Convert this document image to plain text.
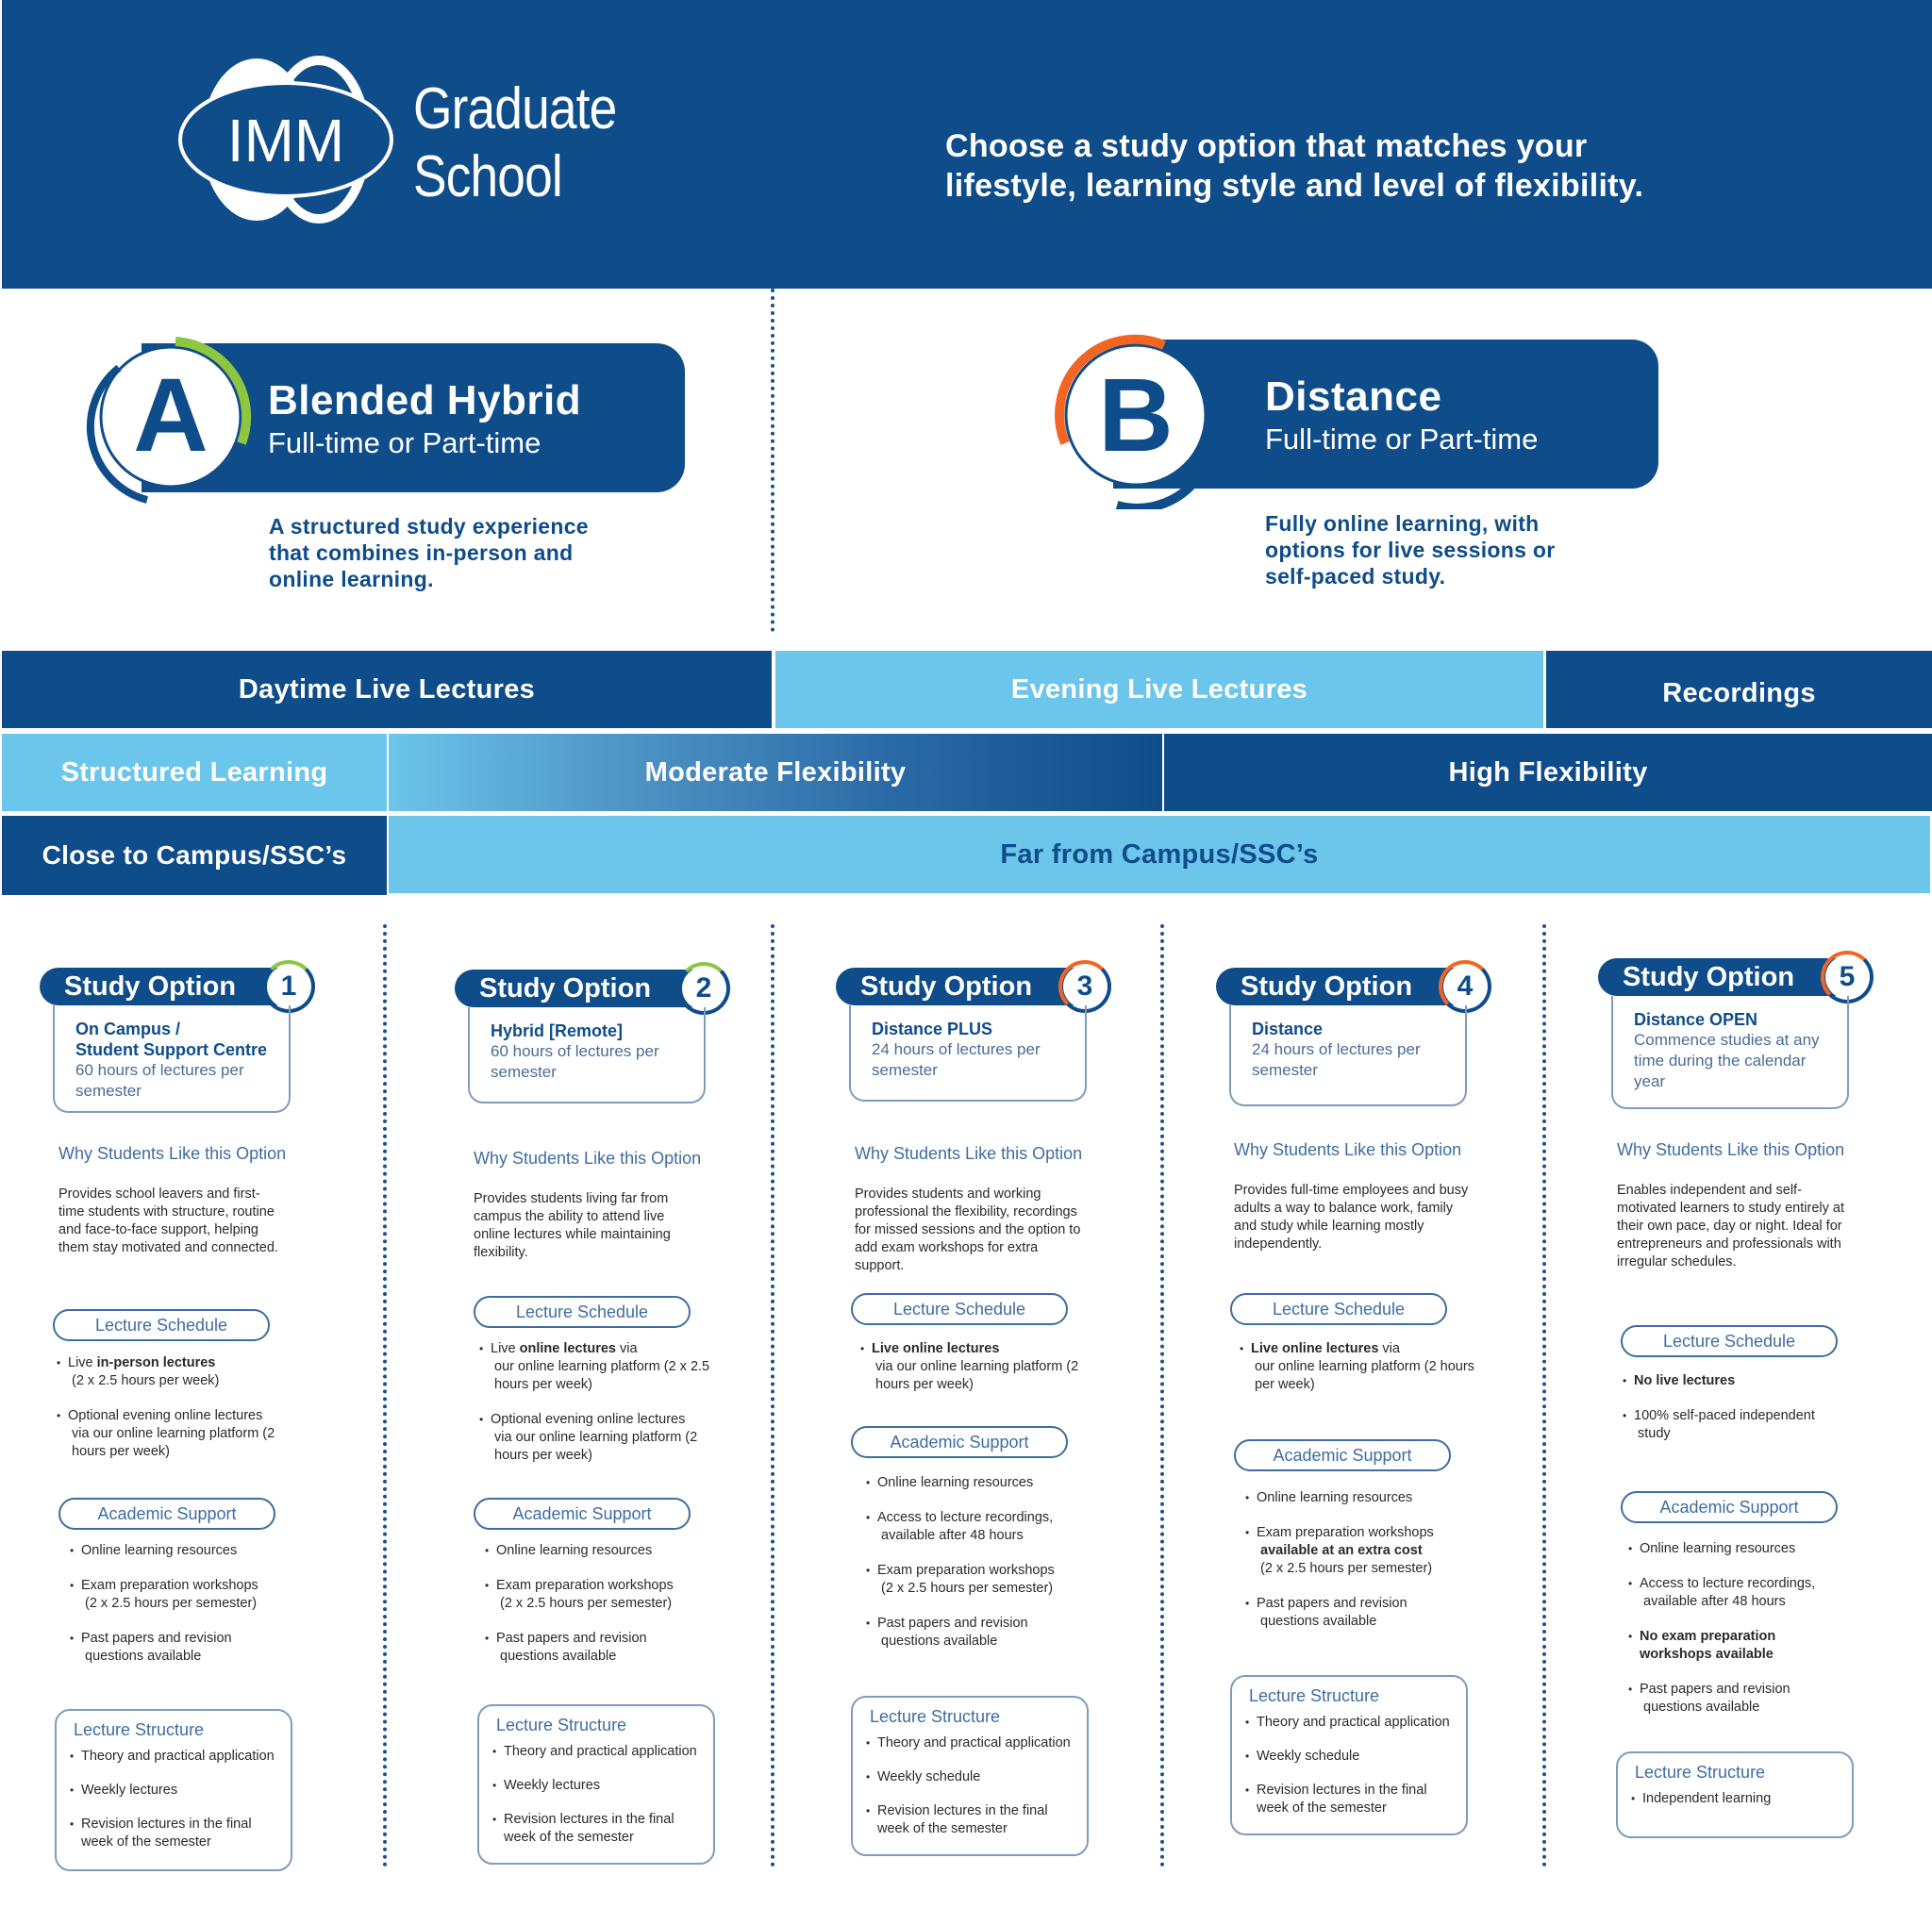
IMM Graduate
School	Choose a study option that matches your
lifestyle, learning style and level of flexibility.
Blended Hybrid
Full-time or Part-time
A
A structured study experience
that combines in-person and
online learning.
Distance
Full-time or Part-time
B
Fully online learning, with
options for live sessions or
self-paced study.
Daytime Live Lectures	Evening Live Lectures	Recordings
Structured Learning	Moderate Flexibility	High Flexibility
Close to Campus/SSC’s	Far from Campus/SSC’s
Study Option	1
On Campus /
Student Support Centre
60 hours of lectures per semester
Why Students Like this Option
Provides school leavers and first-time students with structure, routine and face-to-face support, helping them stay motivated and connected.
Lecture Schedule
• Live in-person lectures
(2 x 2.5 hours per week)
• Optional evening online lectures
via our online learning platform (2 hours per week)
Academic Support
• Online learning resources
• Exam preparation workshops
(2 x 2.5 hours per semester)
• Past papers and revision
questions available
Lecture Structure
• Theory and practical application
• Weekly lectures
• Revision lectures in the final week of the semester
Study Option	2
Hybrid [Remote]
60 hours of lectures per semester
Why Students Like this Option
Provides students living far from campus the ability to attend live online lectures while maintaining flexibility.
Lecture Schedule
• Live online lectures via
our online learning platform (2 x 2.5 hours per week)
• Optional evening online lectures
via our online learning platform (2 hours per week)
Academic Support
• Online learning resources
• Exam preparation workshops
(2 x 2.5 hours per semester)
• Past papers and revision
questions available
Lecture Structure
• Theory and practical application
• Weekly lectures
• Revision lectures in the final week of the semester
Study Option	3
Distance PLUS
24 hours of lectures per semester
Why Students Like this Option
Provides students and working professional the flexibility, recordings for missed sessions and the option to add exam workshops for extra support.
Lecture Schedule
• Live online lectures
via our online learning platform (2 hours per week)
Academic Support
• Online learning resources
• Access to lecture recordings,
available after 48 hours
• Exam preparation workshops
(2 x 2.5 hours per semester)
• Past papers and revision
questions available
Lecture Structure
• Theory and practical application
• Weekly schedule
• Revision lectures in the final week of the semester
Study Option	4
Distance
24 hours of lectures per semester
Why Students Like this Option
Provides full-time employees and busy adults a way to balance work, family and study while learning mostly independently.
Lecture Schedule
• Live online lectures via
our online learning platform (2 hours per week)
Academic Support
• Online learning resources
• Exam preparation workshops
available at an extra cost
(2 x 2.5 hours per semester)
• Past papers and revision
questions available
Lecture Structure
• Theory and practical application
• Weekly schedule
• Revision lectures in the final week of the semester
Study Option	5
Distance OPEN
Commence studies at any time during the calendar year
Why Students Like this Option
Enables independent and self-motivated learners to study entirely at their own pace, day or night. Ideal for entrepreneurs and professionals with irregular schedules.
Lecture Schedule
• No live lectures
• 100% self-paced independent
study
Academic Support
• Online learning resources
• Access to lecture recordings,
available after 48 hours
• No exam preparation workshops available
• Past papers and revision
questions available
Lecture Structure
• Independent learning
